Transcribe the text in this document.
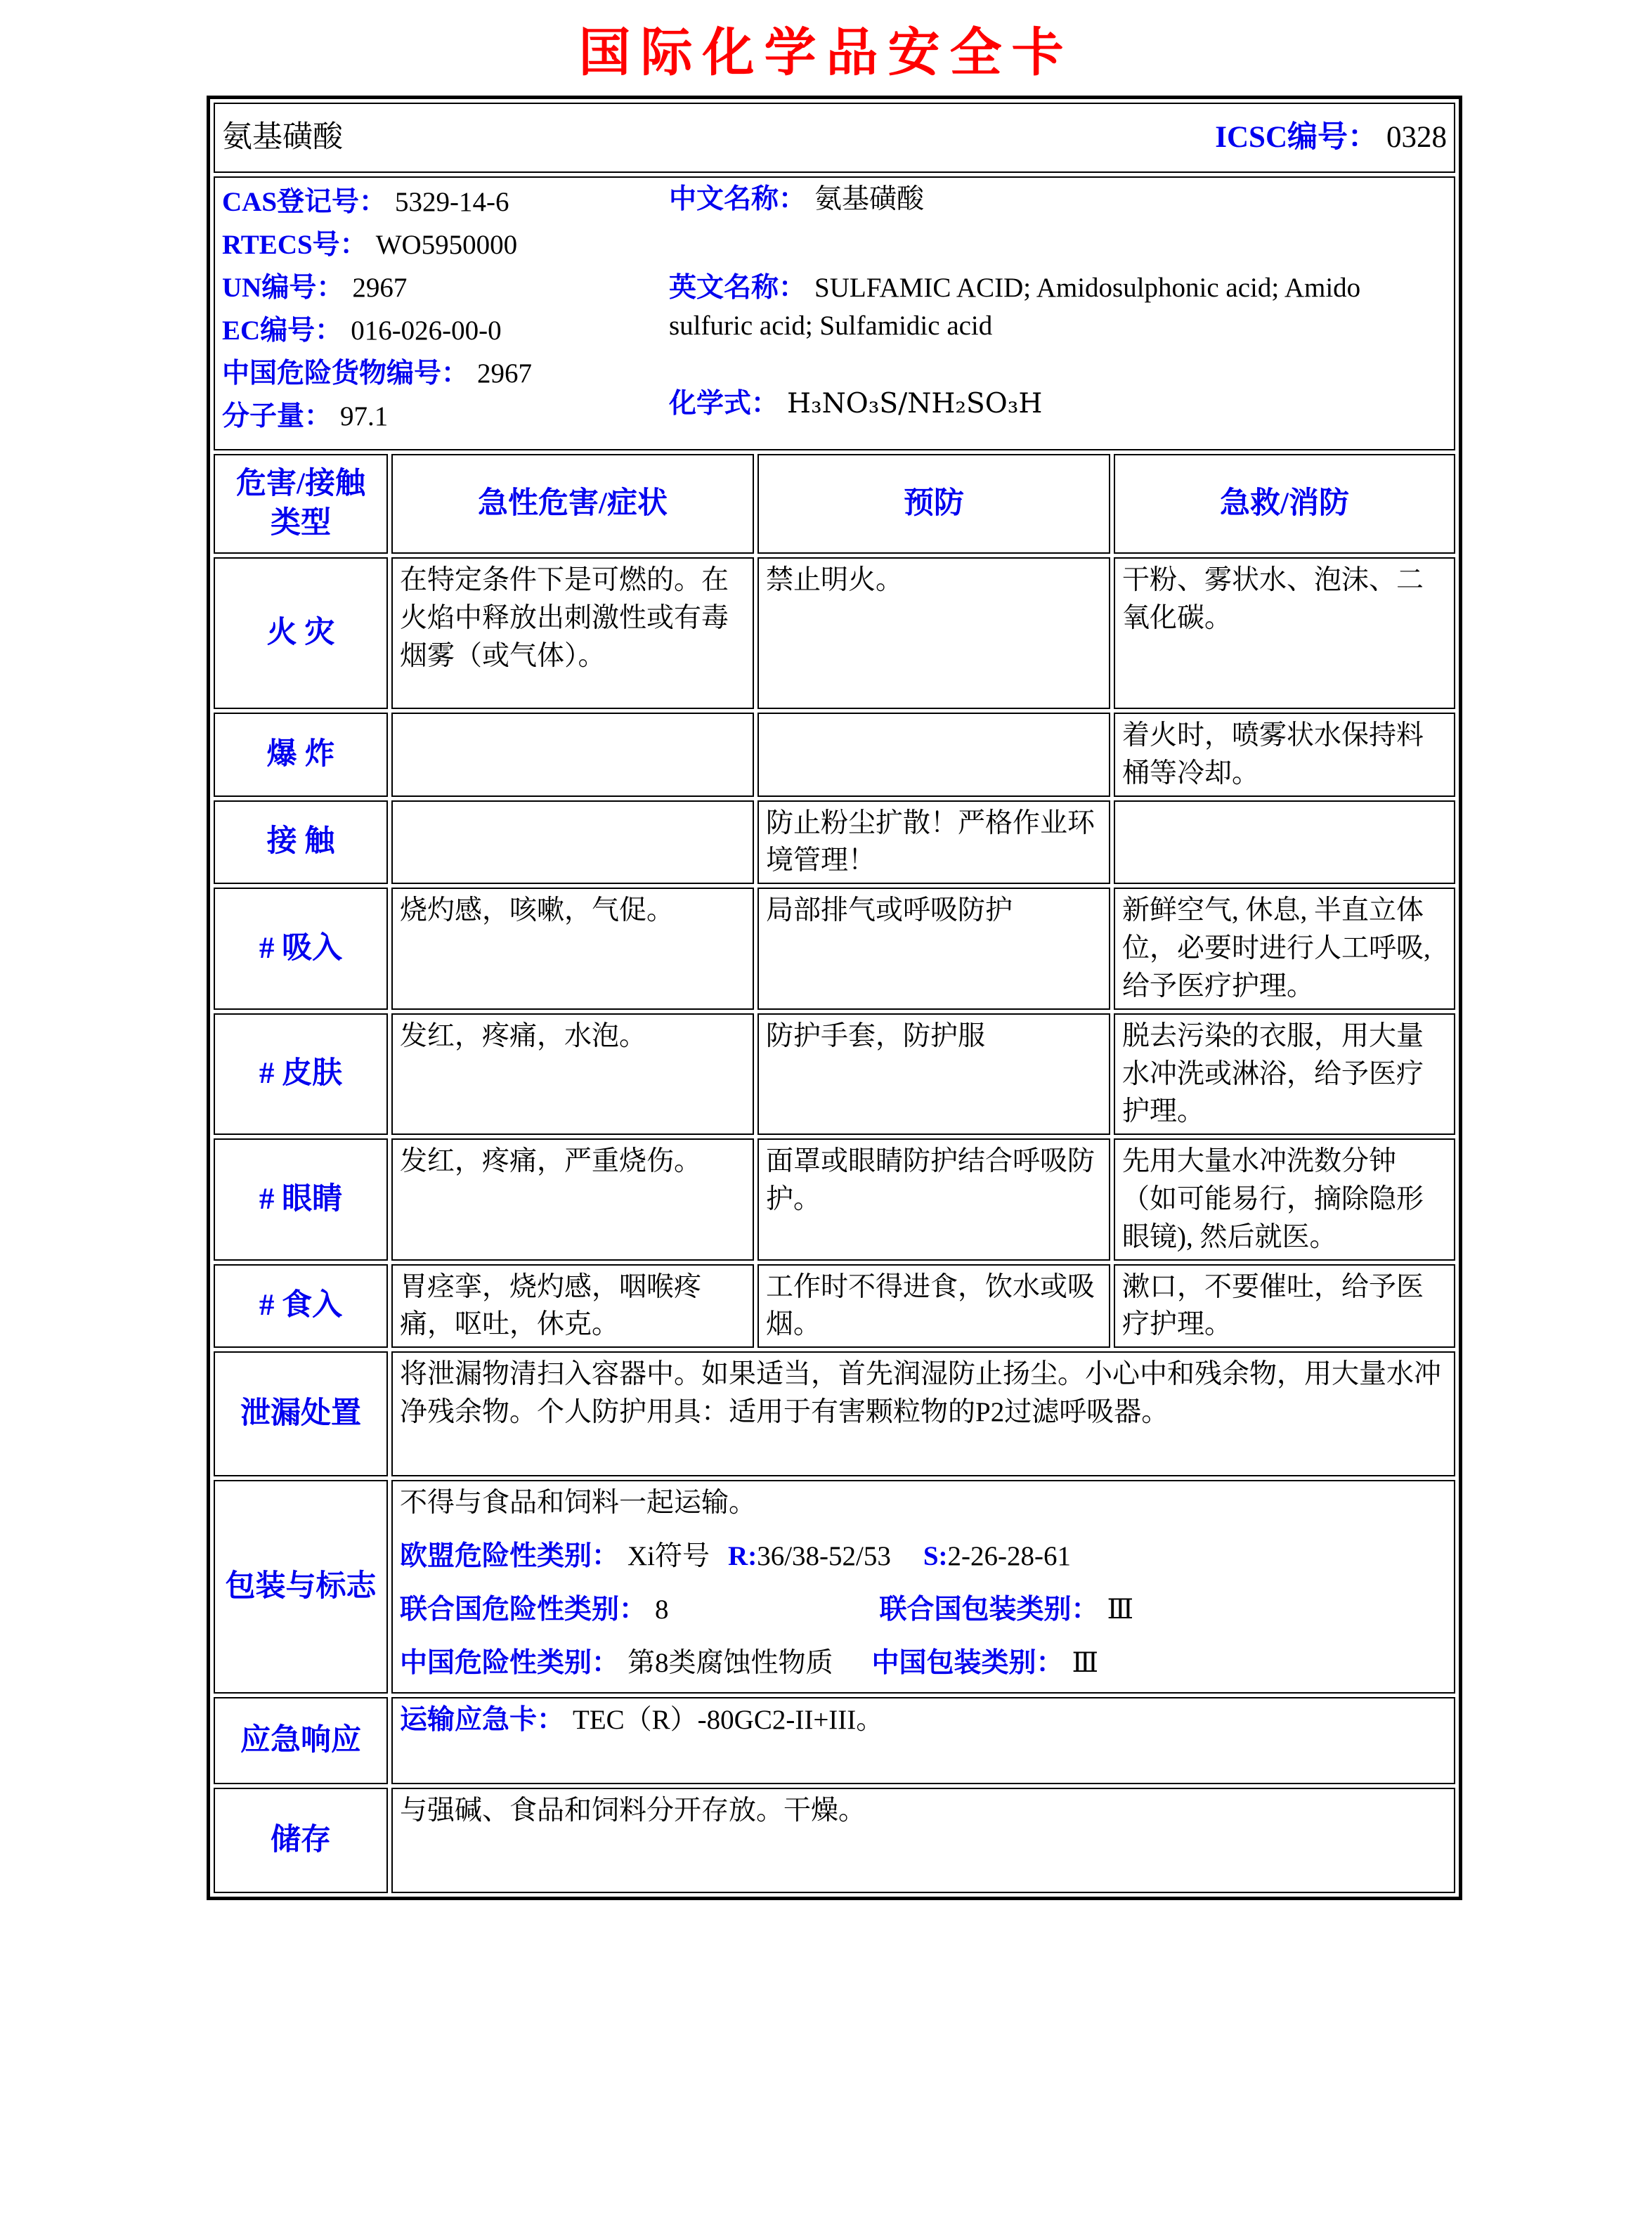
国际化学品安全卡
氨基磺酸 ICSC编号： 0328			

CAS登记号： 5329-14-6
RTECS号： WO5950000
UN编号： 2967
EC编号： 016-026-00-0
中国危险货物编号： 2967
分子量： 97.1
中文名称： 氨基磺酸
英文名称： SULFAMIC ACID; Amidosulphonic acid; Amido sulfuric acid; Sulfamidic acid
化学式： H₃NO₃S/NH₂SO₃H

危害/接触类型	急性危害/症状	预防	急救/消防
火 灾	在特定条件下是可燃的。在火焰中释放出刺激性或有毒烟雾（或气体）。	禁止明火。	干粉、雾状水、泡沫、二氧化碳。
爆 炸			着火时，喷雾状水保持料桶等冷却。
接 触		防止粉尘扩散！严格作业环境管理！	
# 吸入	烧灼感，咳嗽，气促。	局部排气或呼吸防护	新鲜空气, 休息, 半直立体位，必要时进行人工呼吸, 给予医疗护理。
# 皮肤	发红，疼痛，水泡。	防护手套，防护服	脱去污染的衣服，用大量水冲洗或淋浴，给予医疗护理。
# 眼睛	发红，疼痛，严重烧伤。	面罩或眼睛防护结合呼吸防护。	先用大量水冲洗数分钟（如可能易行，摘除隐形眼镜), 然后就医。
# 食入	胃痉挛，烧灼感，咽喉疼痛，呕吐，休克。	工作时不得进食，饮水或吸烟。	漱口，不要催吐，给予医疗护理。
泄漏处置	将泄漏物清扫入容器中。如果适当，首先润湿防止扬尘。小心中和残余物，用大量水冲净残余物。个人防护用具：适用于有害颗粒物的P2过滤呼吸器。		
包装与标志	不得与食品和饲料一起运输。
欧盟危险性类别： Xi符号 R:36/38-52/53 S:2-26-28-61
联合国危险性类别： 8 联合国包装类别： Ⅲ
中国危险性类别： 第8类腐蚀性物质 中国包装类别： Ⅲ		

应急响应	运输应急卡： TEC（R）-80GC2-II+III。		
储存	与强碱、食品和饲料分开存放。干燥。		
